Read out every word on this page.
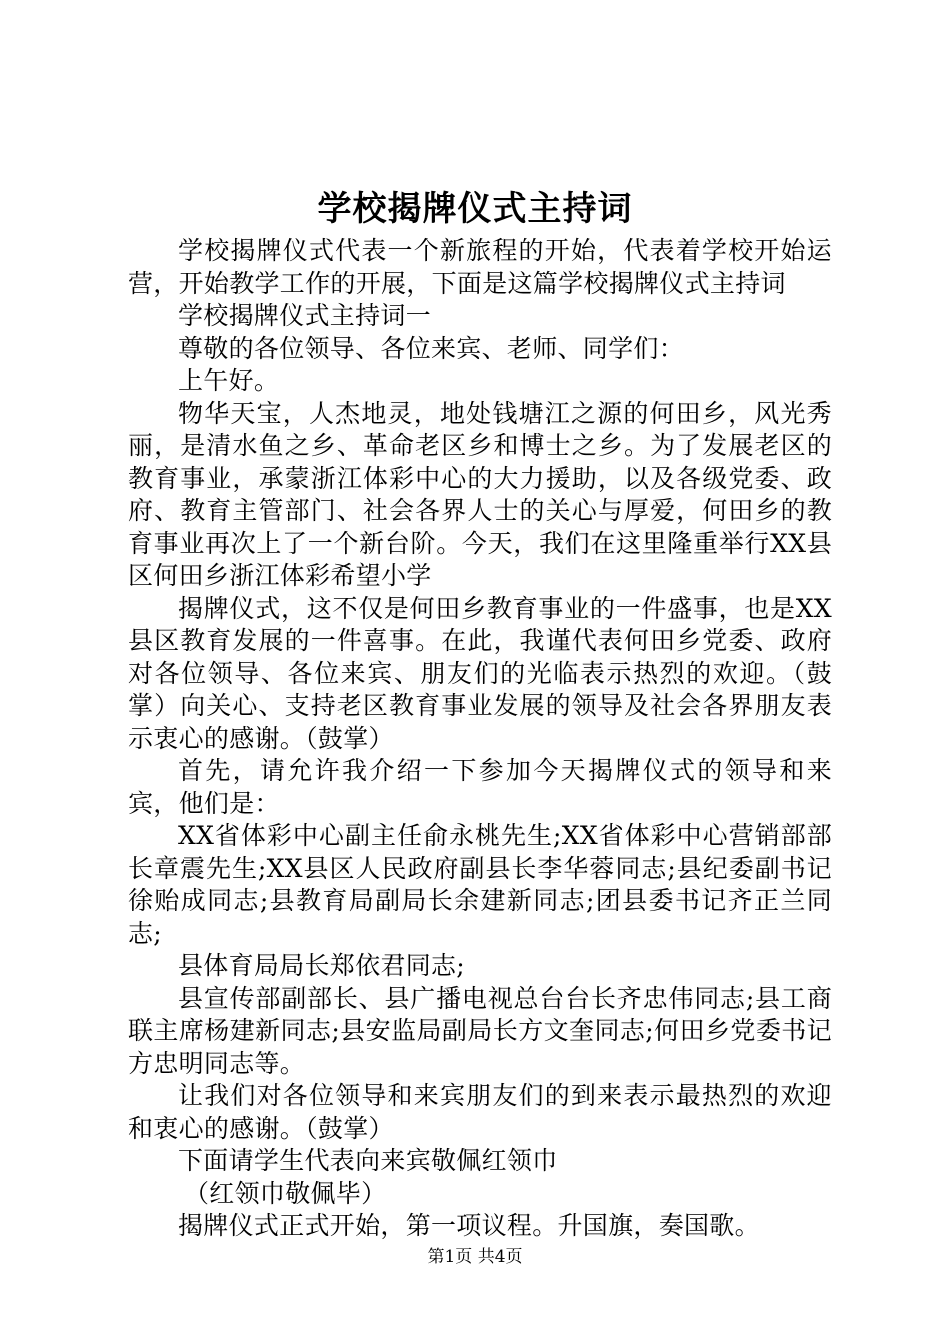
学校揭牌仪式主持词

学校揭牌仪式代表一个新旅程的开始，代表着学校开始运营，开始教学工作的开展，下面是这篇学校揭牌仪式主持词

学校揭牌仪式主持词一

尊敬的各位领导、各位来宾、老师、同学们：

上午好。

物华天宝，人杰地灵，地处钱塘江之源的何田乡，风光秀丽，是清水鱼之乡、革命老区乡和博士之乡。为了发展老区的教育事业，承蒙浙江体彩中心的大力援助，以及各级党委、政府、教育主管部门、社会各界人士的关心与厚爱，何田乡的教育事业再次上了一个新台阶。今天，我们在这里隆重举行XX县区何田乡浙江体彩希望小学

揭牌仪式，这不仅是何田乡教育事业的一件盛事，也是XX县区教育发展的一件喜事。在此，我谨代表何田乡党委、政府对各位领导、各位来宾、朋友们的光临表示热烈的欢迎。（鼓掌）向关心、支持老区教育事业发展的领导及社会各界朋友表示衷心的感谢。（鼓掌）

首先，请允许我介绍一下参加今天揭牌仪式的领导和来宾，他们是：

XX省体彩中心副主任俞永桃先生;XX省体彩中心营销部部长章震先生;XX县区人民政府副县长李华蓉同志;县纪委副书记徐贻成同志;县教育局副局长余建新同志;团县委书记齐正兰同志;

县体育局局长郑依君同志;

县宣传部副部长、县广播电视总台台长齐忠伟同志;县工商联主席杨建新同志;县安监局副局长方文奎同志;何田乡党委书记方忠明同志等。

让我们对各位领导和来宾朋友们的到来表示最热烈的欢迎和衷心的感谢。（鼓掌）

下面请学生代表向来宾敬佩红领巾

（红领巾敬佩毕）

揭牌仪式正式开始，第一项议程。升国旗，奏国歌。

第1页 共4页
